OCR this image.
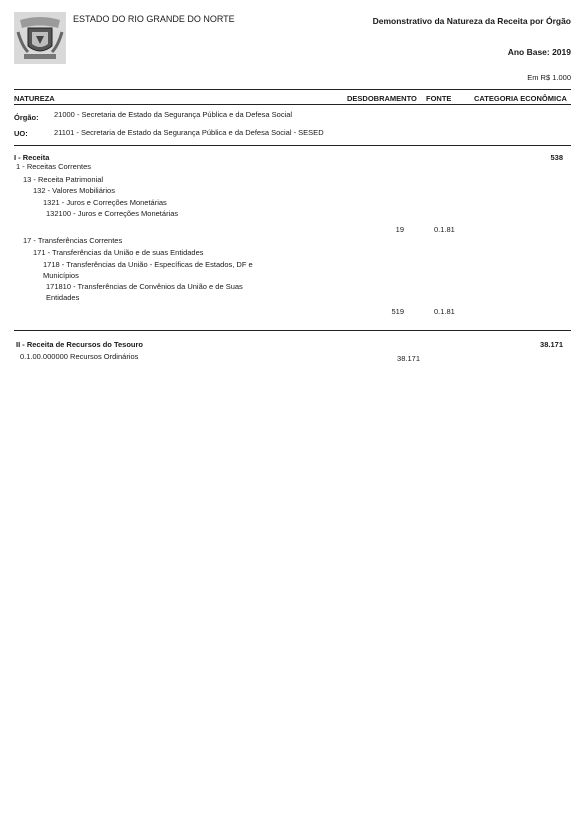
ESTADO DO RIO GRANDE DO NORTE	Demonstrativo da Natureza da Receita por Órgão
Ano Base: 2019
Em R$ 1.000
NATUREZA	DESDOBRAMENTO FONTE	CATEGORIA ECONÔMICA
Órgão: 21000 - Secretaria de Estado da Segurança Pública e da Defesa Social
UO:	21101 - Secretaria de Estado da Segurança Pública e da Defesa Social - SESED
I - Receita	538
1 - Receitas Correntes
13 - Receita Patrimonial
132 - Valores Mobiliários
1321 - Juros e Correções Monetárias
132100 - Juros e Correções Monetárias
19	0.1.81
17 - Transferências Correntes
171 - Transferências da União e de suas Entidades
1718 - Transferências da União - Específicas de Estados, DF e Municípios
171810 - Transferências de Convênios da União e de Suas Entidades
519	0.1.81
II - Receita de Recursos do Tesouro	38.171
0.1.00.000000 Recursos Ordinários	38.171
